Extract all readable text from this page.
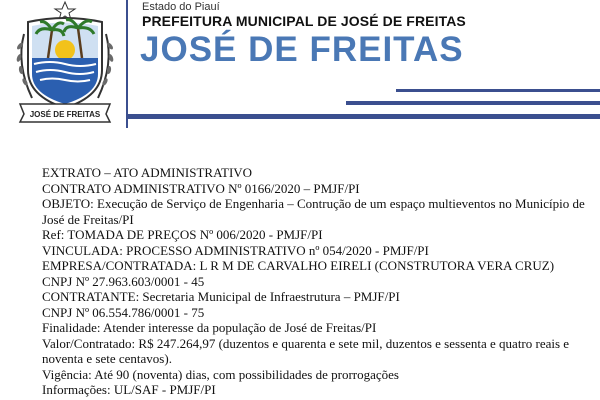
JOSÉ DE FREITAS
Estado do Piauí
PREFEITURA MUNICIPAL DE JOSÉ DE FREITAS
JOSÉ DE FREITAS
EXTRATO – ATO ADMINISTRATIVO
CONTRATO ADMINISTRATIVO Nº 0166/2020 – PMJF/PI
OBJETO: Execução de Serviço de Engenharia – Contrução de um espaço multieventos no Município de José de Freitas/PI
Ref: TOMADA DE PREÇOS Nº 006/2020 - PMJF/PI
VINCULADA: PROCESSO ADMINISTRATIVO nº 054/2020 - PMJF/PI
EMPRESA/CONTRATADA: L R M DE CARVALHO EIRELI (CONSTRUTORA VERA CRUZ)
CNPJ Nº 27.963.603/0001 - 45
CONTRATANTE: Secretaria Municipal de Infraestrutura – PMJF/PI
CNPJ Nº 06.554.786/0001 - 75
Finalidade: Atender interesse da população de José de Freitas/PI
Valor/Contratado: R$ 247.264,97 (duzentos e quarenta e sete mil, duzentos e sessenta e quatro reais e noventa e sete centavos).
Vigência: Até 90 (noventa) dias, com possibilidades de prorrogações
Informações: UL/SAF - PMJF/PI
